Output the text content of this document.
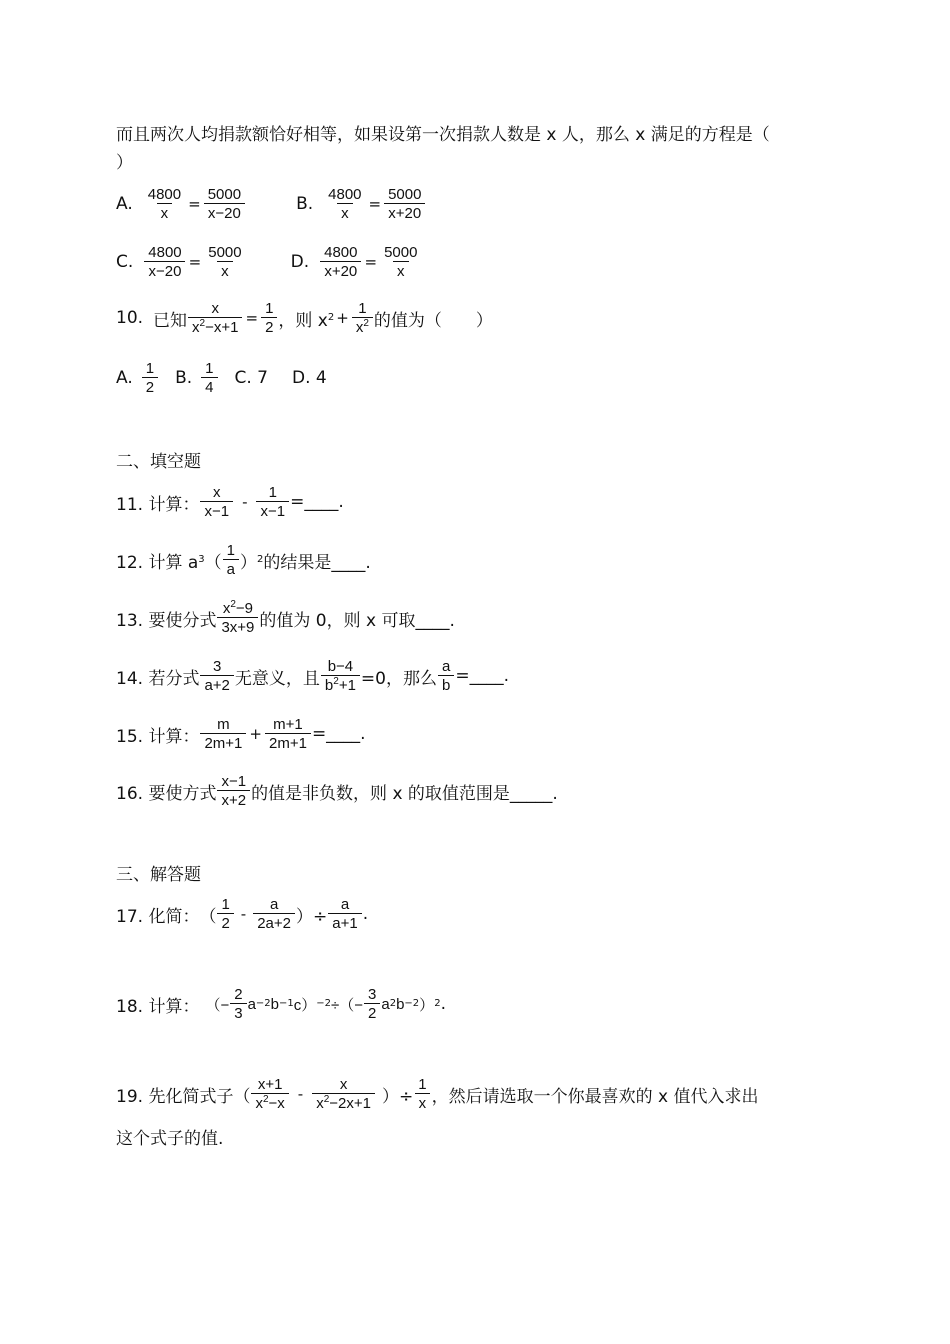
而且两次人均捐款额恰好相等，如果设第一次捐款人数是 x 人，那么 x 满足的方程是（
）
A. $\frac{4800}{x} = \frac{5000}{x-20}$	B. $\frac{4800}{x} = \frac{5000}{x+20}$
C. $\frac{4800}{x-20} = \frac{5000}{x}$	D. $\frac{4800}{x+20} = \frac{5000}{x}$
10. 已知 $\frac{x}{x^2-x+1} = \frac{1}{2}$ ，则 x $2 + \frac{1}{x^2}$ 的值为（　　）
A. $\frac{1}{2} B$. $\frac{1}{4} C$. 7 D. 4
二、填空题
11. 计算： $\frac{x}{x-1} - \frac{1}{x-1}$ =____.
12. 计算 a 3 （ $\frac{1}{a}$ ） 2 的结果是____.
13. 要使分式 $\frac{x^2-9}{3x+9}$ 的值为 0，则 x 可取____.
14. 若分式 $\frac{3}{a+2}$ 无意义，且 $\frac{b-4}{b^2+1} =0$，那么 $\frac{a}{b}$ =____.
15. 计算： $\frac{m}{2m+1} + \frac{m+1}{2m+1}$ =____.
16. 要使方式 $\frac{x-1}{x+2}$ 的值是非负数，则 x 的取值范围是_____.
三、解答题
17. 化简： （ $\frac{1}{2} - \frac{a}{2a+2}$ ）÷ $\frac{a}{a+1}$ .
18. 计算： （− $\frac{2}{3}$ a −2 b −1 c） −2 ÷（− $\frac{3}{2}$ a 2 b −2 ） 2 .
19. 先化简式子（ $\frac{x+1}{x^2-x} - \frac{x}{x^2-2x+1}$ ）÷ $\frac{1}{x}$ ，然后请选取一个你最喜欢的 x 值代入求出
这个式子的值.
